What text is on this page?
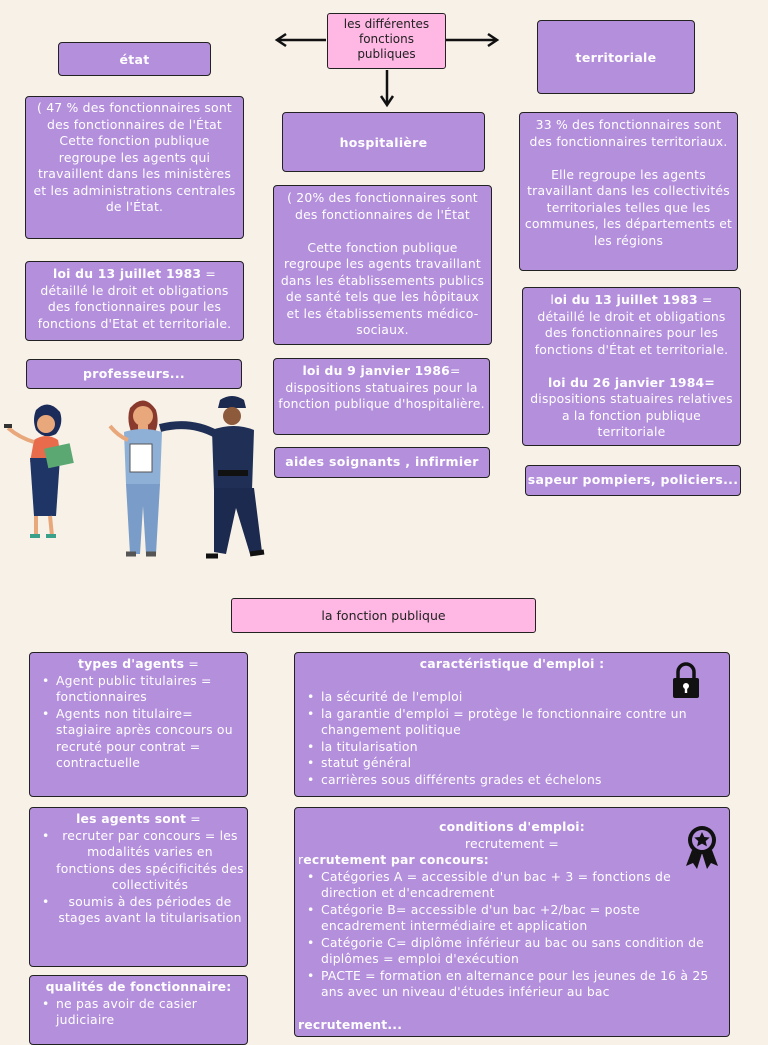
les différentes fonctions publiques
état	territoriale
hospitalière
( 47 % des fonctionnaires sont des fonctionnaires de l'État
Cette fonction publique regroupe les agents qui travaillent dans les ministères et les administrations centrales de l'État.
loi du 13 juillet 1983 = détaillé le droit et obligations des fonctionnaires pour les fonctions d'Etat et territoriale.
professeurs...
( 20% des fonctionnaires sont des fonctionnaires de l'État
Cette fonction publique regroupe les agents travaillant dans les établissements publics de santé tels que les hôpitaux et les établissements médico-sociaux.
loi du 9 janvier 1986= dispositions statuaires pour la fonction publique d'hospitalière.
aides soignants , infirmier
33 % des fonctionnaires sont des fonctionnaires territoriaux.
Elle regroupe les agents travaillant dans les collectivités territoriales telles que les communes, les départements et les régions
loi du 13 juillet 1983 = détaillé le droit et obligations des fonctionnaires pour les fonctions d'État et territoriale.
loi du 26 janvier 1984=
dispositions statuaires relatives a la fonction publique territoriale
sapeur pompiers, policiers...
la fonction publique
types d'agents =
• Agent public titulaires = fonctionnaires
• Agents non titulaire= stagiaire après concours ou recruté pour contrat = contractuelle
caractéristique d'emploi :
• la sécurité de l'emploi
• la garantie d'emploi = protège le fonctionnaire contre un changement politique
• la titularisation
• statut général
• carrières sous différents grades et échelons
les agents sont =
• recruter par concours = les modalités varies en fonctions des spécificités des collectivités
• soumis à des périodes de stages avant la titularisation
conditions d'emploi:
recrutement =
recrutement par concours:
• Catégories A = accessible d'un bac + 3 = fonctions de direction et d'encadrement
• Catégorie B= accessible d'un bac +2/bac = poste encadrement intermédiaire et application
• Catégorie C= diplôme inférieur au bac ou sans condition de diplômes = emploi d'exécution
• PACTE = formation en alternance pour les jeunes de 16 à 25 ans avec un niveau d'études inférieur au bac
recrutement...
qualités de fonctionnaire:
• ne pas avoir de casier judiciaire
